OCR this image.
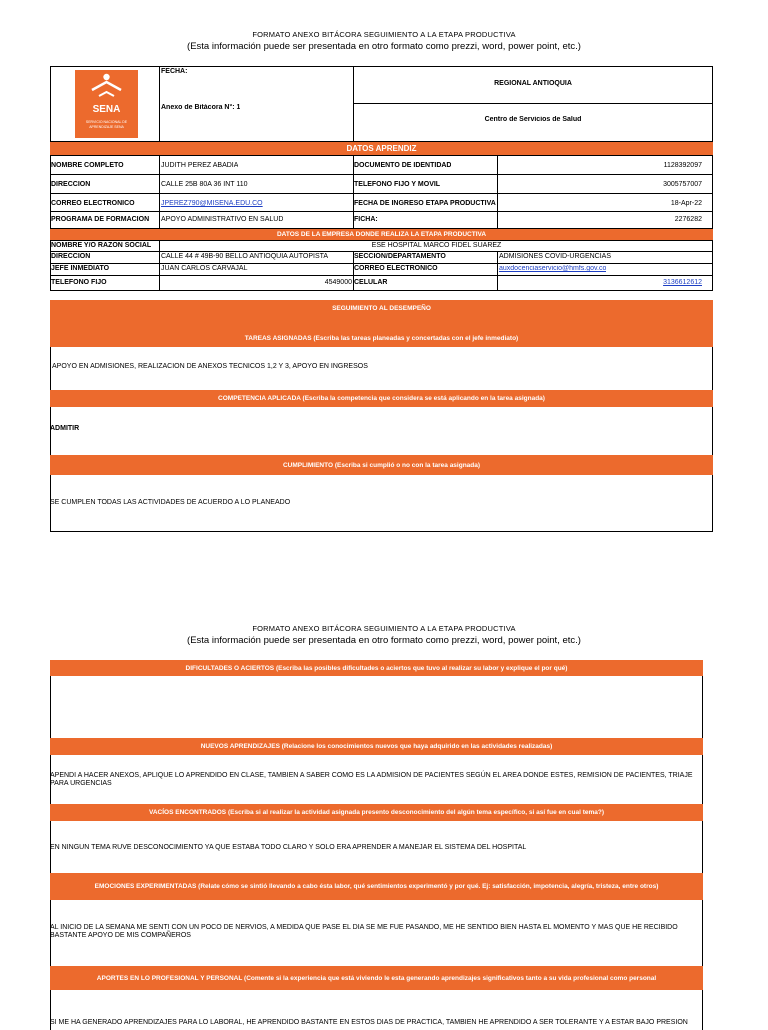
FORMATO ANEXO BITÁCORA SEGUIMIENTO A LA ETAPA PRODUCTIVA
(Esta información puede ser presentada en otro formato como prezzi, word, power point, etc.)
SENA
SERVICIO NACIONAL DE APRENDIZAJE SENA
FECHA:
Anexo de Bitácora N°: 1
REGIONAL ANTIOQUIA
Centro de Servicios de Salud
DATOS APRENDIZ
NOMBRE COMPLETO	JUDITH PEREZ ABADIA	DOCUMENTO DE IDENTIDAD	1128392097
DIRECCIÓN	CALLE 25B 80A 36 INT 110	TELEFONO FIJO Y MÓVIL	3005757007
CORREO ELECTRÓNICO	JPEREZ790@MISENA.EDU.CO	FECHA DE INGRESO ETAPA PRODUCTIVA	18-Apr-22
PROGRAMA DE FORMACIÓN APOYO ADMINISTRATIVO EN SALUD	FICHA:	2276282
DATOS DE LA EMPRESA DONDE REALIZA LA ETAPA PRODUCTIVA
NOMBRE Y/O RAZÓN SOCIAL	ESE HOSPITAL MARCO FIDEL SUAREZ
DIRECCIÓN	CALLE 44 # 49B-90 BELLO ANTIOQUIA AUTOPISTA	SECCIÓN/DEPARTAMENTO	ADMISIONES COVID-URGENCIAS
JEFE INMEDIATO	JUAN CARLOS CARVAJAL	CORREO ELECTRÓNICO	auxdocenciaservicio@hmfs.gov.co
TELÉFONO FIJO	4549000 CELULAR	3136612612
SEGUIMIENTO AL DESEMPEÑO
TAREAS ASIGNADAS (Escriba las tareas planeadas y concertadas con el jefe inmediato)
APOYO EN ADMISIONES, REALIZACION DE ANEXOS TECNICOS 1,2 Y 3, APOYO EN INGRESOS
COMPETENCIA APLICADA (Escriba la competencia que considera se está aplicando en la tarea asignada)
ADMITIR
CUMPLIMIENTO (Escriba si cumplió o no con la tarea asignada)
SE CUMPLEN TODAS LAS ACTIVIDADES DE ACUERDO A LO PLANEADO
FORMATO ANEXO BITÁCORA SEGUIMIENTO A LA ETAPA PRODUCTIVA
(Esta información puede ser presentada en otro formato como prezzi, word, power point, etc.)
DIFICULTADES O ACIERTOS (Escriba las posibles dificultades o aciertos que tuvo al realizar su labor y explique el por qué)
NUEVOS APRENDIZAJES (Relacione los conocimientos nuevos que haya adquirido en las actividades realizadas)
APENDI A HACER ANEXOS, APLIQUE LO APRENDIDO EN CLASE, TAMBIEN A SABER COMO ES LA ADMISION DE PACIENTES SEGÚN EL AREA DONDE ESTES, REMISION DE PACIENTES, TRIAJE
PARA URGENCIAS
VACÍOS ENCONTRADOS (Escriba si al realizar la actividad asignada presento desconocimiento del algún tema específico, si así fue en cual tema?)
EN NINGUN TEMA RUVE DESCONOCIMIENTO YA QUE ESTABA TODO CLARO Y SOLO ERA APRENDER A MANEJAR EL SISTEMA DEL HOSPITAL
EMOCIONES EXPERIMENTADAS (Relate cómo se sintió llevando a cabo ésta labor, qué sentimientos experimentó y por qué. Ej: satisfacción, impotencia, alegría, tristeza, entre otros)
AL INICIO DE LA SEMANA ME SENTI CON UN POCO DE NERVIOS, A MEDIDA QUE PASE EL DIA SE ME FUE PASANDO, ME HE SENTIDO BIEN HASTA EL MOMENTO Y MAS QUE HE RECIBIDO
BASTANTE APOYO DE MIS COMPAÑEROS
APORTES EN LO PROFESIONAL Y PERSONAL (Comente si la experiencia que está viviendo le esta generando aprendizajes significativos tanto a su vida profesional como personal
SI ME HA GENERADO APRENDIZAJES PARA LO LABORAL, HE APRENDIDO BASTANTE EN ESTOS DIAS DE PRACTICA, TAMBIEN HE APRENDIDO A SER TOLERANTE Y A ESTAR BAJO PRESION
